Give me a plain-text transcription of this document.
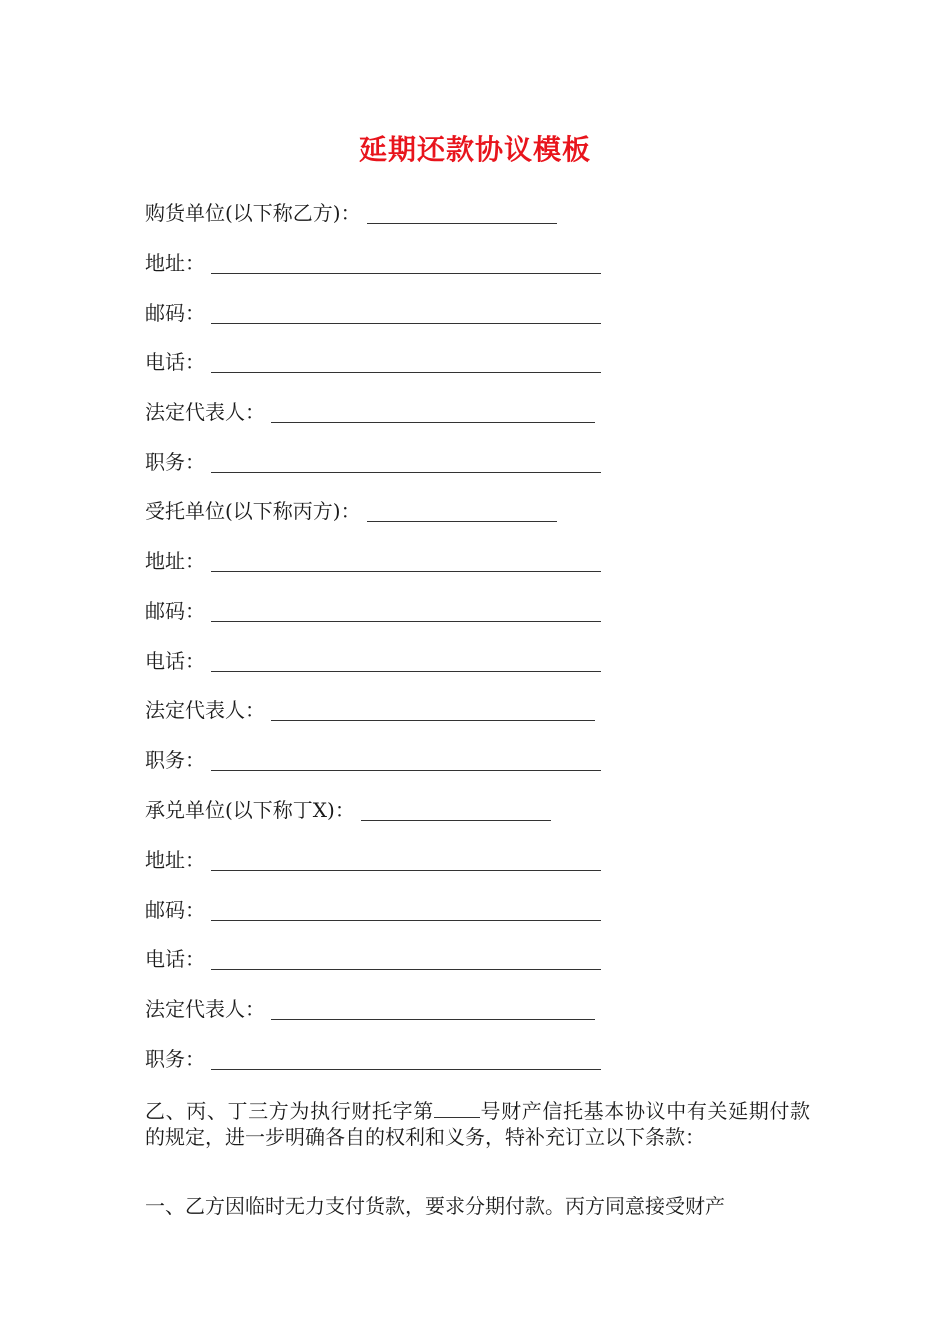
延期还款协议模板
购货单位(以下称乙方)：
地址：
邮码：
电话：
法定代表人：
职务：
受托单位(以下称丙方)：
地址：
邮码：
电话：
法定代表人：
职务：
承兑单位(以下称丁X)：
地址：
邮码：
电话：
法定代表人：
职务：
乙、丙、丁三方为执行财托字第 号财产信托基本协议中有关延期付款的规定，进一步明确各自的权利和义务，特补充订立以下条款：
一、乙方因临时无力支付货款，要求分期付款。丙方同意接受财产
